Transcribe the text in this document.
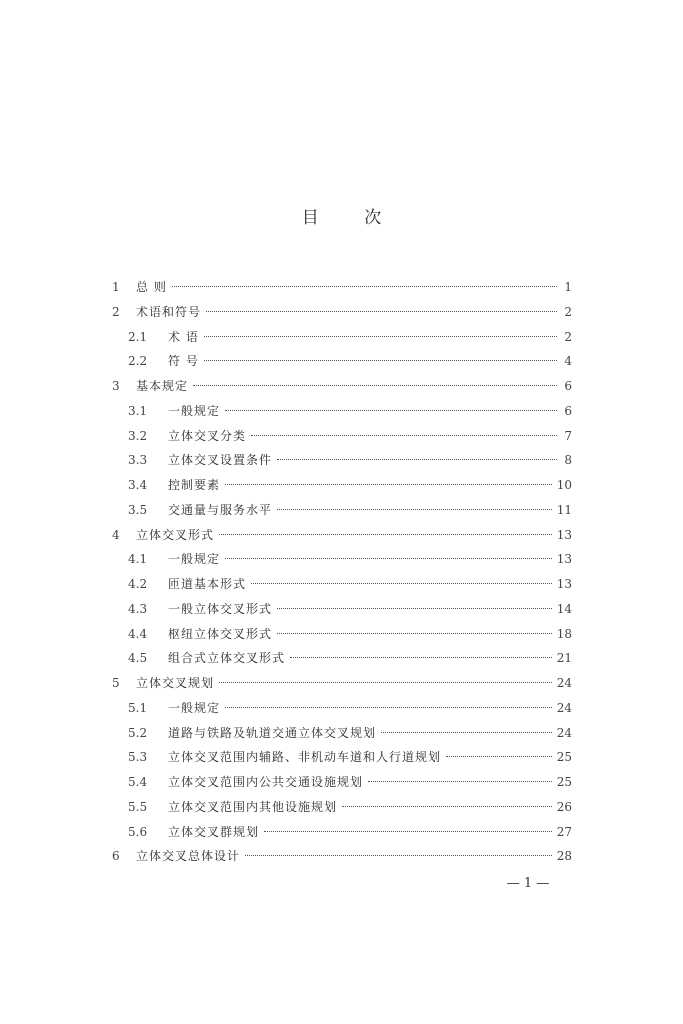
目 次
1	总 则	1
2	术语和符号	2
2.1	术 语	2
2.2	符 号	4
3	基本规定	6
3.1	一般规定	6
3.2	立体交叉分类	7
3.3	立体交叉设置条件	8
3.4	控制要素	10
3.5	交通量与服务水平	11
4	立体交叉形式	13
4.1	一般规定	13
4.2	匝道基本形式	13
4.3	一般立体交叉形式	14
4.4	枢纽立体交叉形式	18
4.5	组合式立体交叉形式	21
5	立体交叉规划	24
5.1	一般规定	24
5.2	道路与铁路及轨道交通立体交叉规划	24
5.3	立体交叉范围内辅路、非机动车道和人行道规划	25
5.4	立体交叉范围内公共交通设施规划	25
5.5	立体交叉范围内其他设施规划	26
5.6	立体交叉群规划	27
6	立体交叉总体设计	28
— 1 —
